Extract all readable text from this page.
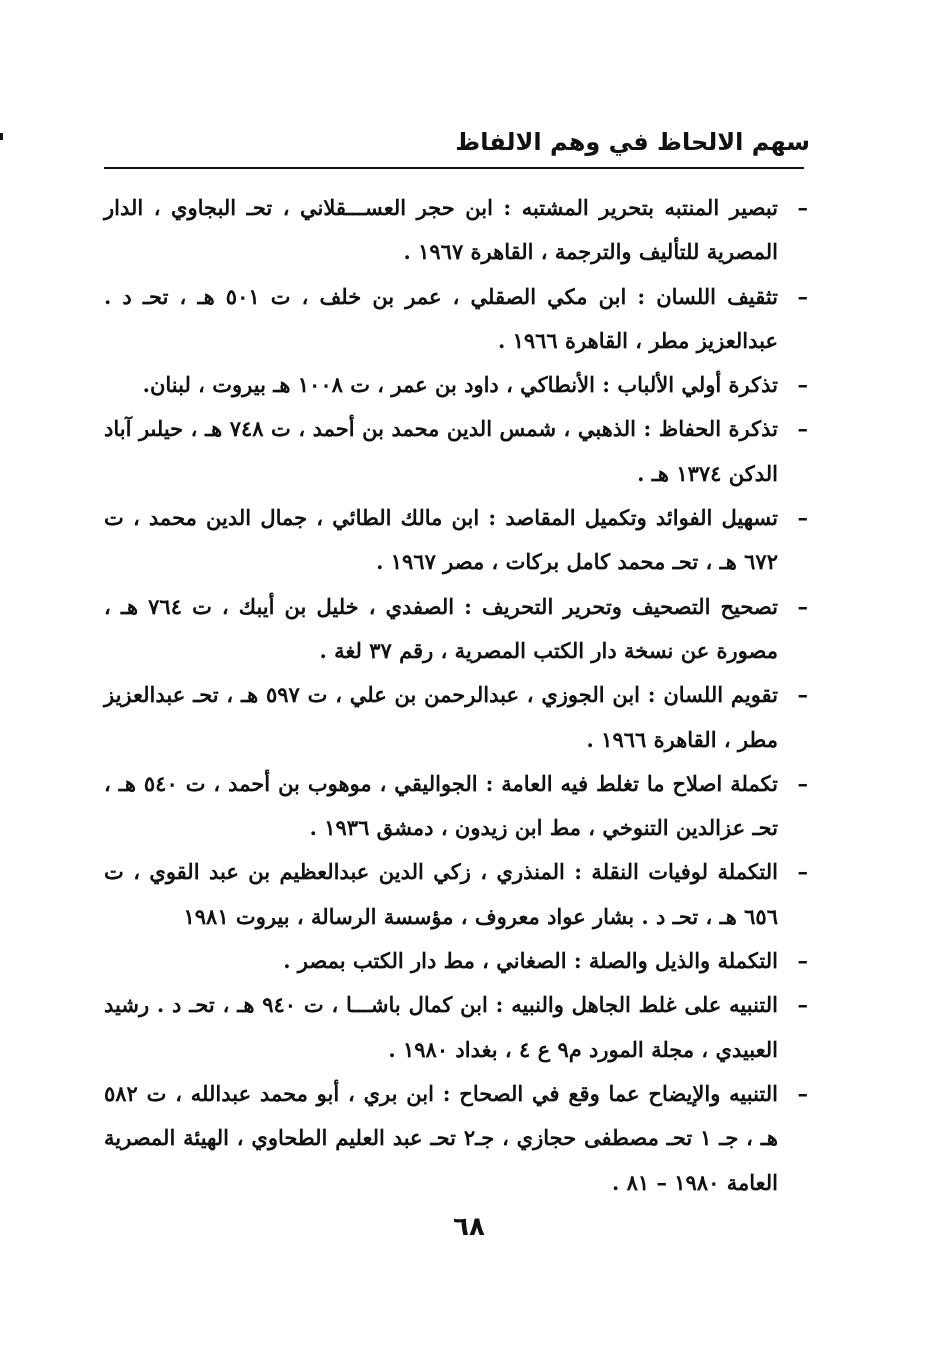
سهم الالحاظ في وهم الالفاظ
–
تبصير المنتبه بتحرير المشتبه : ابن حجر العســـقلاني ، تحـ البجاوي ، الدار المصرية للتأليف والترجمة ، القاهرة ١٩٦٧ .
–
تثقيف اللسان : ابن مكي الصقلي ، عمر بن خلف ، ت ٥٠١ هـ ، تحـ د . عبدالعزيز مطر ، القاهرة ١٩٦٦ .
–
تذكرة أولي الألباب : الأنطاكي ، داود بن عمر ، ت ١٠٠٨ هـ بيروت ، لبنان.
–
تذكرة الحفاظ : الذهبي ، شمس الدين محمد بن أحمد ، ت ٧٤٨ هـ ، حيلىر آباد الدكن ١٣٧٤ هـ .
–
تسهيل الفوائد وتكميل المقاصد : ابن مالك الطائي ، جمال الدين محمد ، ت ٦٧٢ هـ ، تحـ محمد كامل بركات ، مصر ١٩٦٧ .
–
تصحيح التصحيف وتحرير التحريف : الصفدي ، خليل بن أيبك ، ت ٧٦٤ هـ ، مصورة عن نسخة دار الكتب المصرية ، رقم ٣٧ لغة .
–
تقويم اللسان : ابن الجوزي ، عبدالرحمن بن علي ، ت ٥٩٧ هـ ، تحـ عبدالعزيز مطر ، القاهرة ١٩٦٦ .
–
تكملة اصلاح ما تغلط فيه العامة : الجواليقي ، موهوب بن أحمد ، ت ٥٤٠ هـ ، تحـ عزالدين التنوخي ، مط ابن زيدون ، دمشق ١٩٣٦ .
–
التكملة لوفيات النقلة : المنذري ، زكي الدين عبدالعظيم بن عبد القوي ، ت ٦٥٦ هـ ، تحـ د . بشار عواد معروف ، مؤسسة الرسالة ، بيروت ١٩٨١
–
التكملة والذيل والصلة : الصغاني ، مط دار الكتب بمصر .
–
التنبيه على غلط الجاهل والنبيه : ابن كمال باشـــا ، ت ٩٤٠ هـ ، تحـ د . رشيد العبيدي ، مجلة المورد م٩ ع ٤ ، بغداد ١٩٨٠ .
–
التنبيه والإيضاح عما وقع في الصحاح : ابن بري ، أبو محمد عبدالله ، ت ٥٨٢ هـ ، جـ ١ تحـ مصطفى حجازي ، جـ٢ تحـ عبد العليم الطحاوي ، الهيئة المصرية العامة ١٩٨٠ – ٨١ .
٦٨
